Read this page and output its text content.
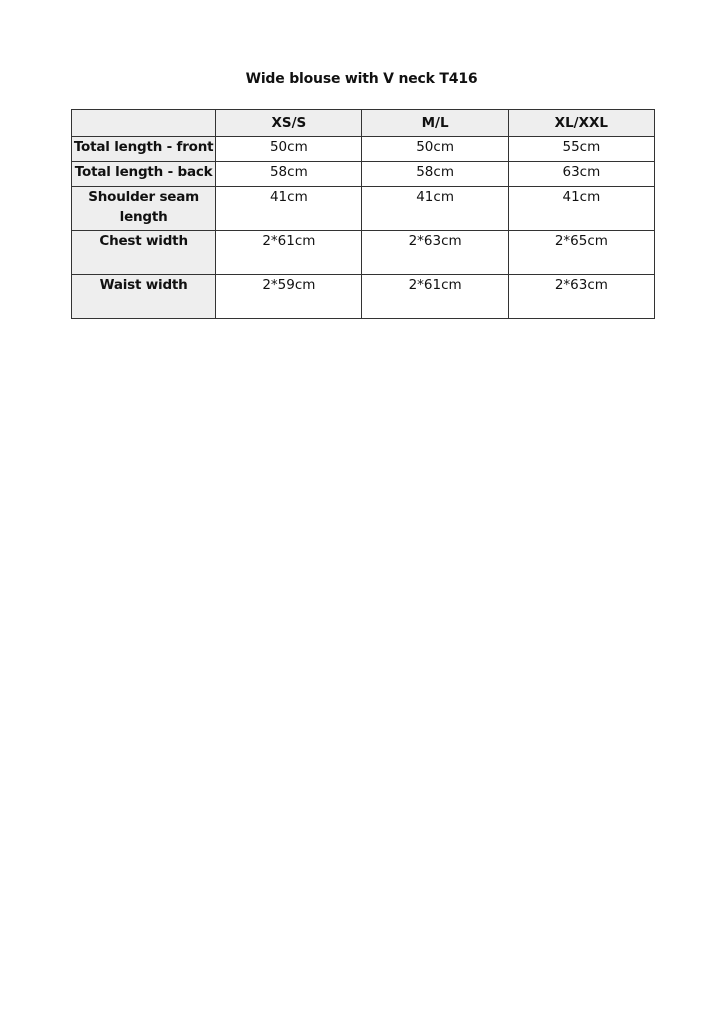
Wide blouse with V neck T416
	XS/S	M/L	XL/XXL
Total length - front	50cm	50cm	55cm
Total length - back	58cm	58cm	63cm
Shoulder seam length	41cm	41cm	41cm
Chest width	2*61cm	2*63cm	2*65cm
Waist width	2*59cm	2*61cm	2*63cm
